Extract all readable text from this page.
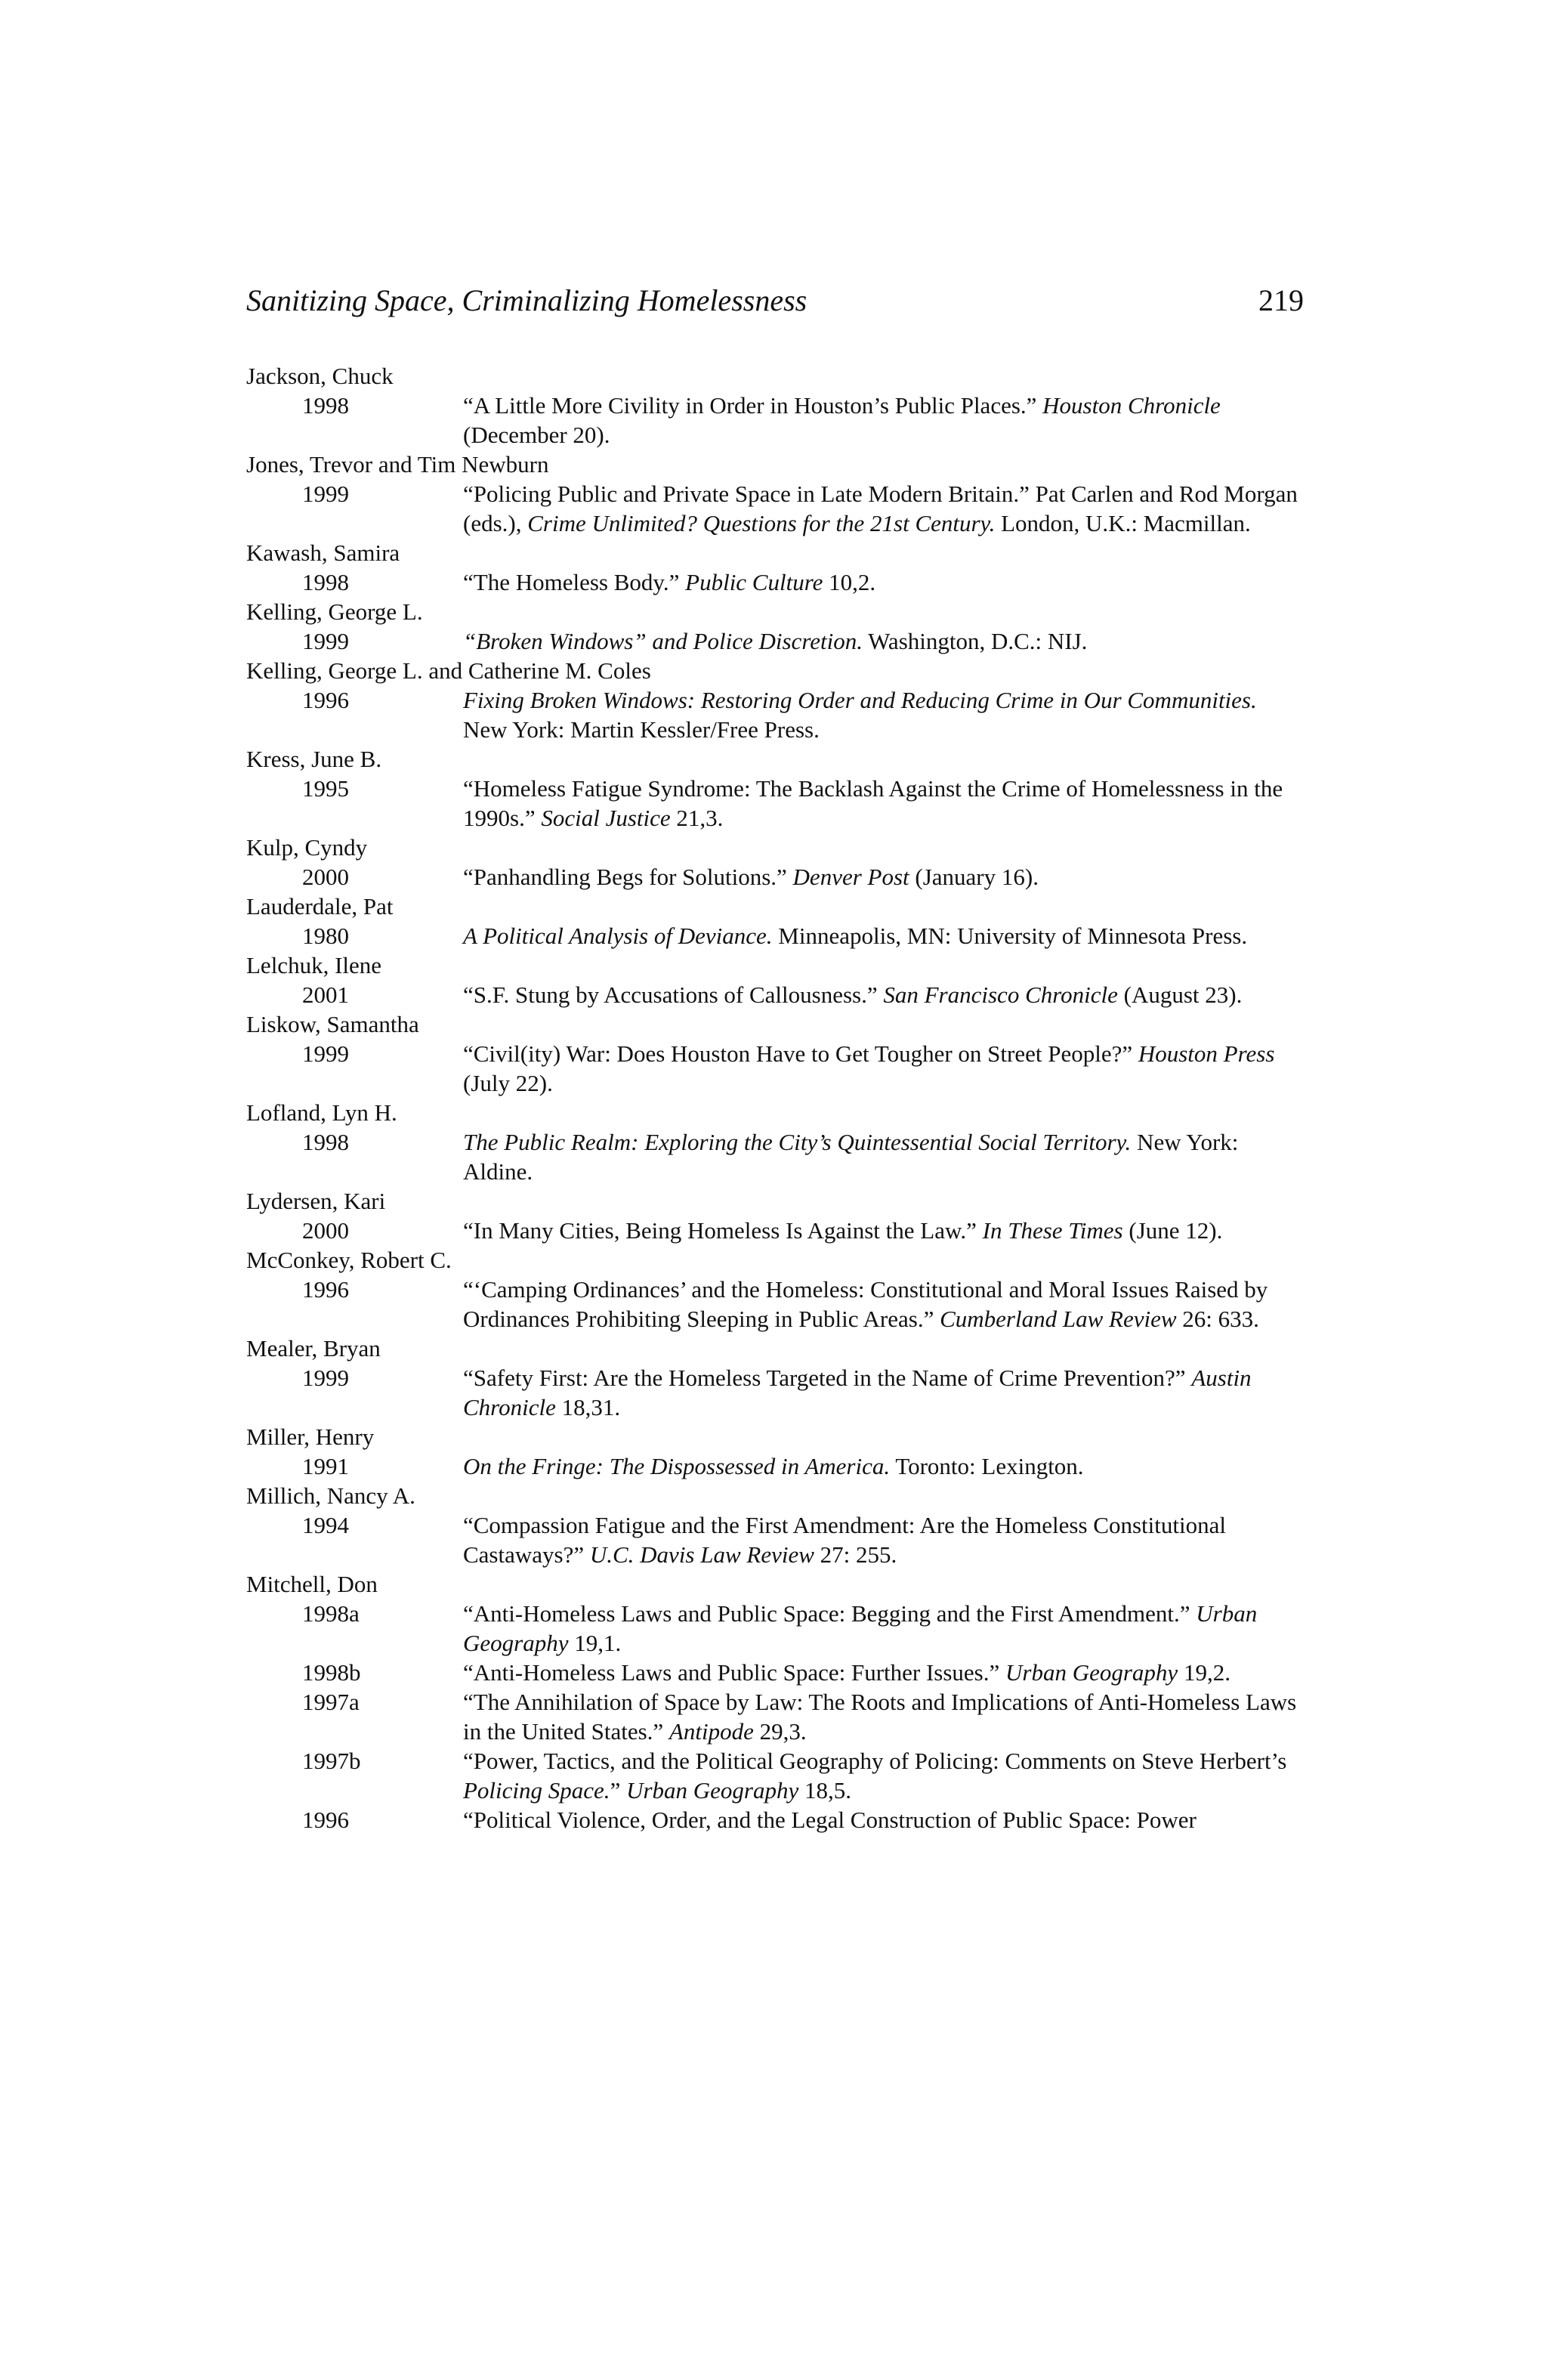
Sanitizing Space, Criminalizing Homelessness	219
Jackson, Chuck
1998	“A Little More Civility in Order in Houston’s Public Places.” Houston Chronicle (December 20).
Jones, Trevor and Tim Newburn
1999	“Policing Public and Private Space in Late Modern Britain.” Pat Carlen and Rod Morgan (eds.), Crime Unlimited? Questions for the 21st Century. London, U.K.: Macmillan.
Kawash, Samira
1998	“The Homeless Body.” Public Culture 10,2.
Kelling, George L.
1999	“Broken Windows” and Police Discretion. Washington, D.C.: NIJ.
Kelling, George L. and Catherine M. Coles
1996	Fixing Broken Windows: Restoring Order and Reducing Crime in Our Communities. New York: Martin Kessler/Free Press.
Kress, June B.
1995	“Homeless Fatigue Syndrome: The Backlash Against the Crime of Homelessness in the 1990s.” Social Justice 21,3.
Kulp, Cyndy
2000	“Panhandling Begs for Solutions.” Denver Post (January 16).
Lauderdale, Pat
1980	A Political Analysis of Deviance. Minneapolis, MN: University of Minnesota Press.
Lelchuk, Ilene
2001	“S.F. Stung by Accusations of Callousness.” San Francisco Chronicle (August 23).
Liskow, Samantha
1999	“Civil(ity) War: Does Houston Have to Get Tougher on Street People?” Houston Press (July 22).
Lofland, Lyn H.
1998	The Public Realm: Exploring the City’s Quintessential Social Territory. New York: Aldine.
Lydersen, Kari
2000	“In Many Cities, Being Homeless Is Against the Law.” In These Times (June 12).
McConkey, Robert C.
1996	“‘Camping Ordinances’ and the Homeless: Constitutional and Moral Issues Raised by Ordinances Prohibiting Sleeping in Public Areas.” Cumberland Law Review 26: 633.
Mealer, Bryan
1999	“Safety First: Are the Homeless Targeted in the Name of Crime Prevention?” Austin Chronicle 18,31.
Miller, Henry
1991	On the Fringe: The Dispossessed in America. Toronto: Lexington.
Millich, Nancy A.
1994	“Compassion Fatigue and the First Amendment: Are the Homeless Constitutional Castaways?” U.C. Davis Law Review 27: 255.
Mitchell, Don
1998a	“Anti-Homeless Laws and Public Space: Begging and the First Amendment.” Urban Geography 19,1.
1998b	“Anti-Homeless Laws and Public Space: Further Issues.” Urban Geography 19,2.
1997a	“The Annihilation of Space by Law: The Roots and Implications of Anti-Homeless Laws in the United States.” Antipode 29,3.
1997b	“Power, Tactics, and the Political Geography of Policing: Comments on Steve Herbert’s Policing Space.” Urban Geography 18,5.
1996	“Political Violence, Order, and the Legal Construction of Public Space: Power
